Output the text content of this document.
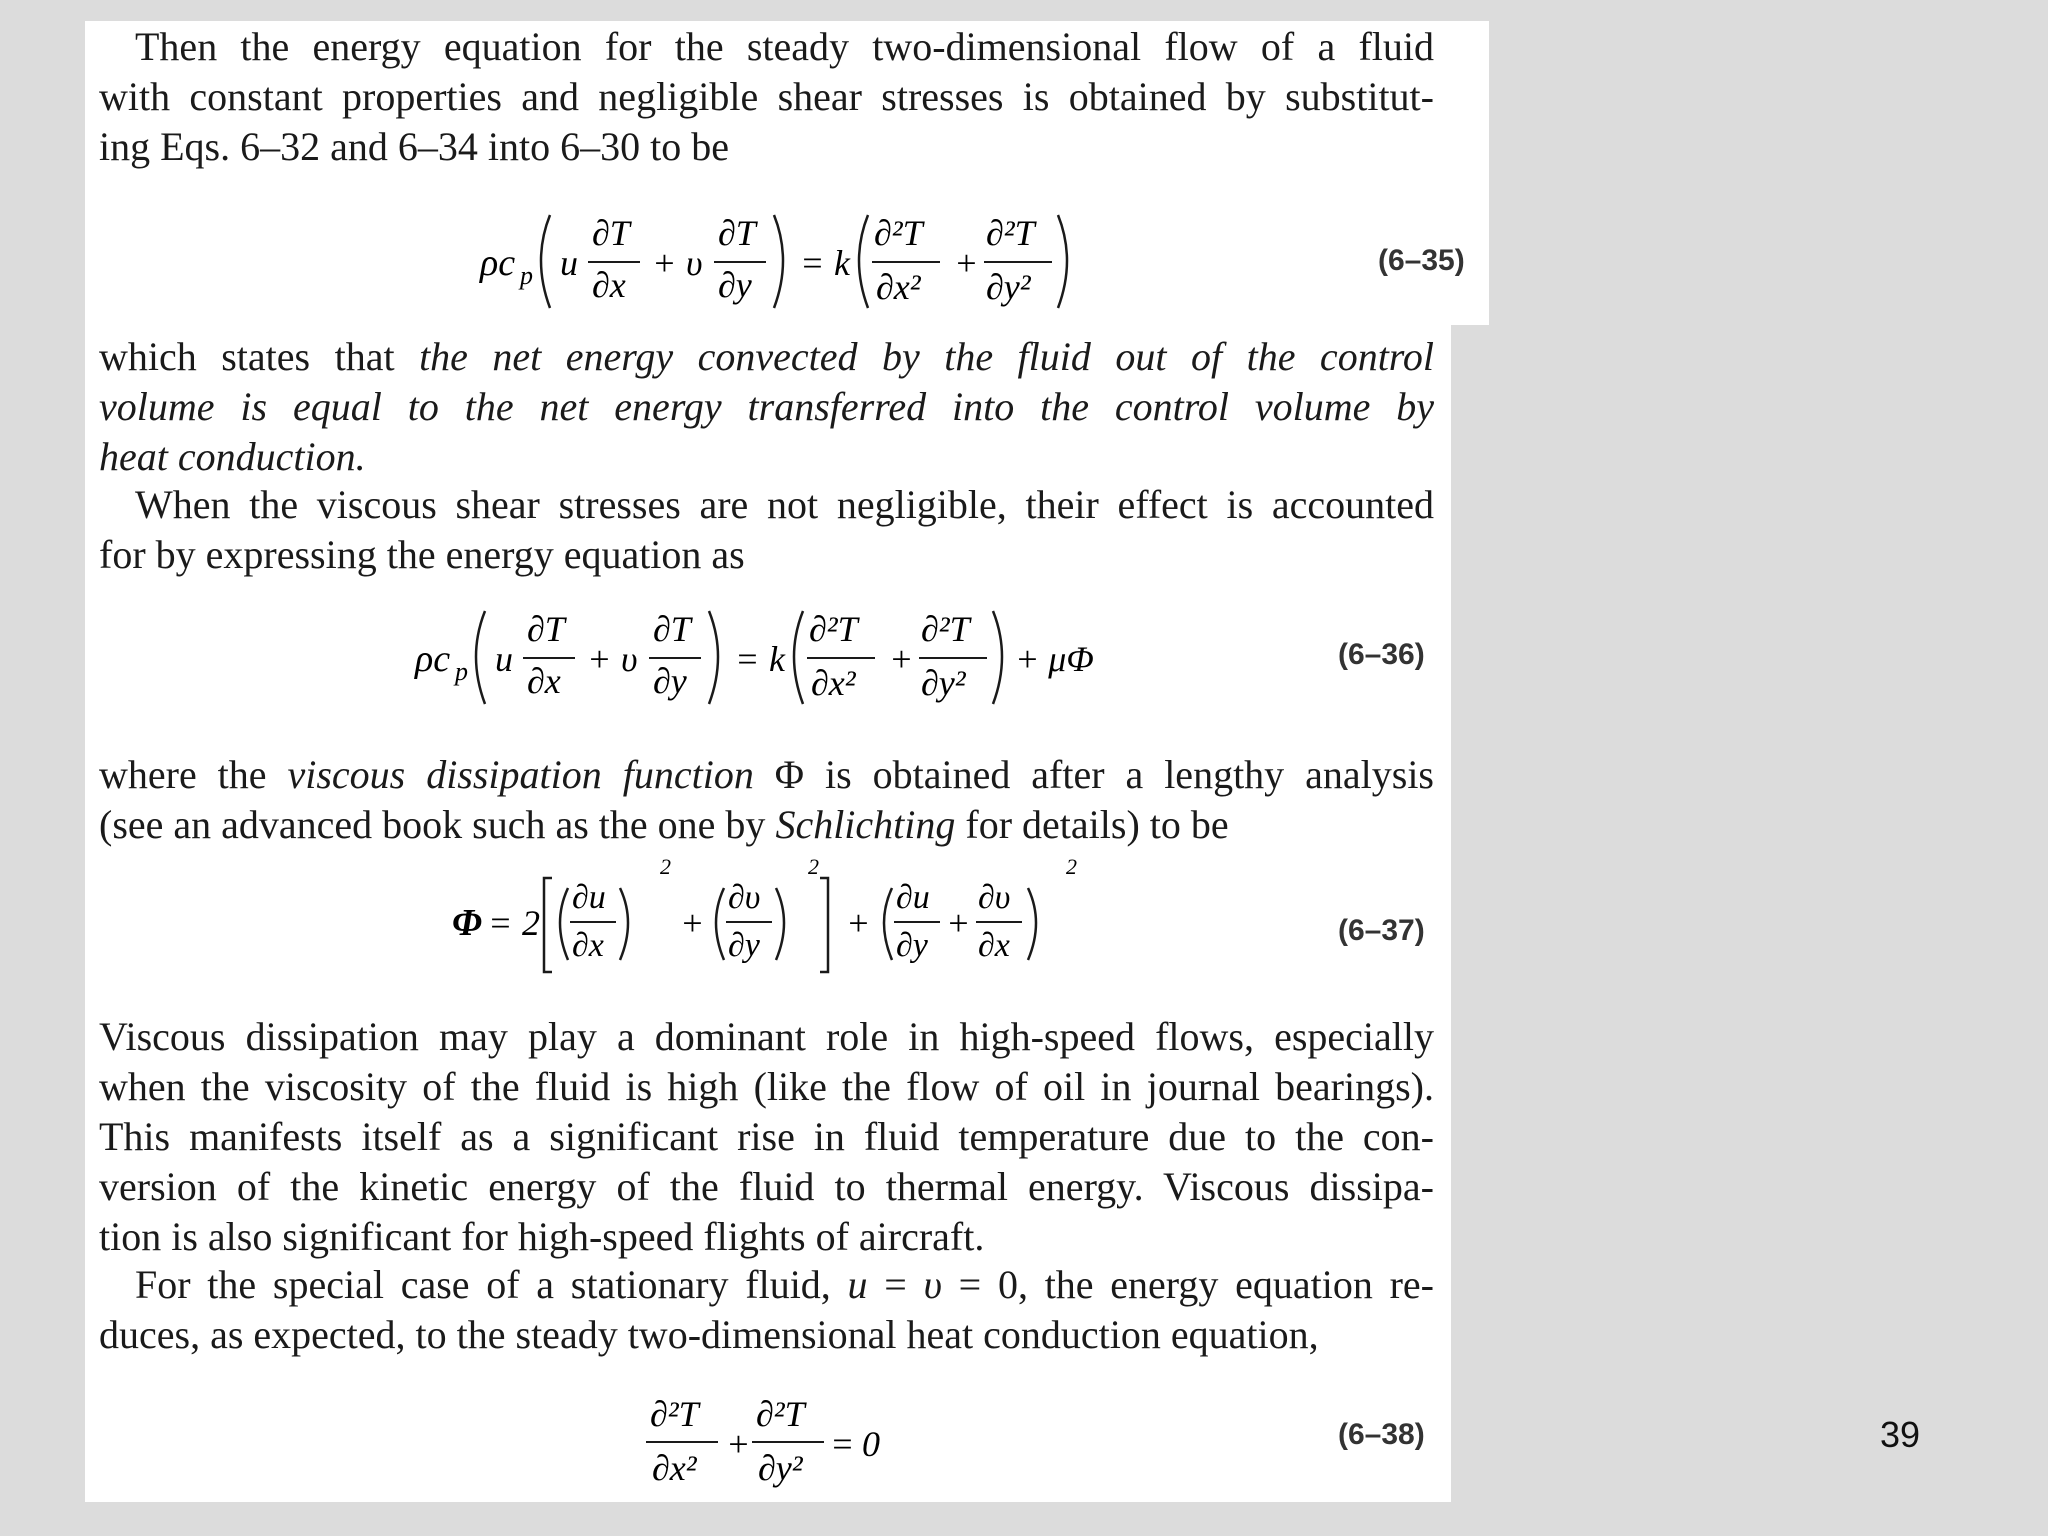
Then the energy equation for the steady two-dimensional flow of a fluid
with constant properties and negligible shear stresses is obtained by substitut-
ing Eqs. 6–32 and 6–34 into 6–30 to be
ρc p u
∂T
∂x
+ υ
∂T
∂y
= k
∂²T
∂x²
+
∂²T
∂y²
(6–35)
which states that the net energy convected by the fluid out of the control
volume is equal to the net energy transferred into the control volume by
heat conduction.
When the viscous shear stresses are not negligible, their effect is accounted
for by expressing the energy equation as
ρc p u
∂T
∂x
+ υ
∂T
∂y
= k
∂²T
∂x²
+
∂²T
∂y²
+ μΦ	(6–36)
where the viscous dissipation function Φ is obtained after a lengthy analysis
(see an advanced book such as the one by Schlichting for details) to be
Φ = 2
∂u
∂x
2
+
∂υ
∂y
2
+
∂u
∂y
+
∂υ
∂x
2
(6–37)
Viscous dissipation may play a dominant role in high-speed flows, especially
when the viscosity of the fluid is high (like the flow of oil in journal bearings).
This manifests itself as a significant rise in fluid temperature due to the con-
version of the kinetic energy of the fluid to thermal energy. Viscous dissipa-
tion is also significant for high-speed flights of aircraft.
For the special case of a stationary fluid, u = υ = 0, the energy equation re-
duces, as expected, to the steady two-dimensional heat conduction equation,
∂²T
∂x²
+
∂²T
∂y²
= 0	(6–38)	39
